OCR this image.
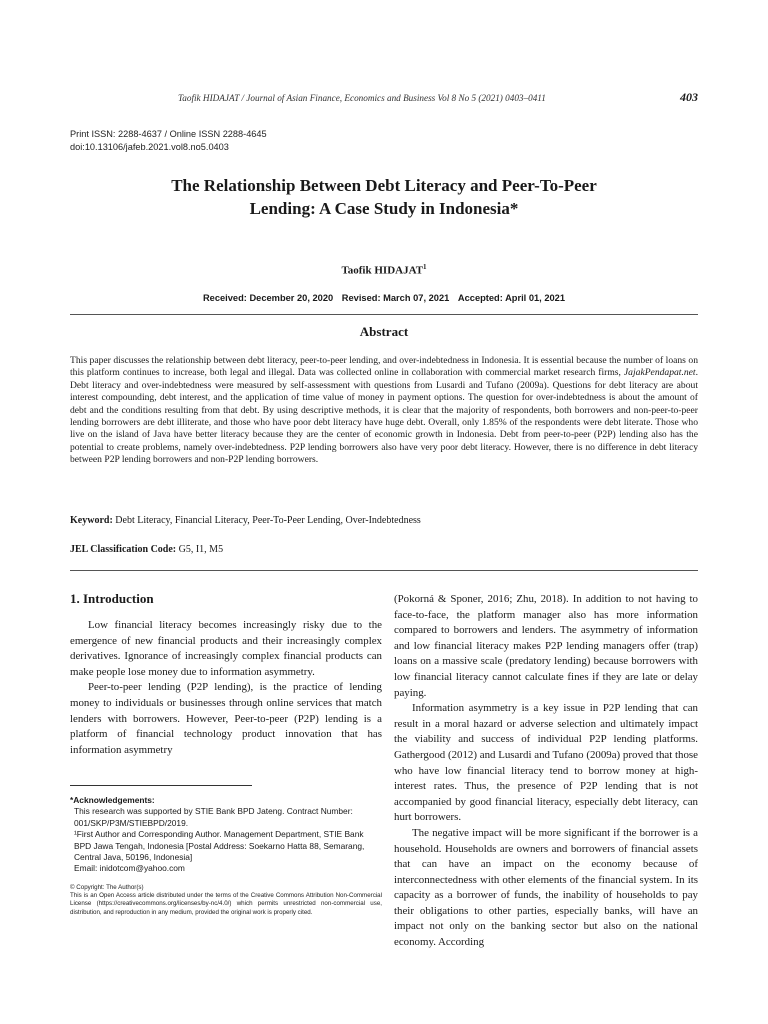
Taofik HIDAJAT / Journal of Asian Finance, Economics and Business Vol 8 No 5 (2021) 0403–0411	403
Print ISSN: 2288-4637 / Online ISSN 2288-4645
doi:10.13106/jafeb.2021.vol8.no5.0403
The Relationship Between Debt Literacy and Peer-To-Peer
Lending: A Case Study in Indonesia*
Taofik HIDAJAT$^1$
Received: December 20, 2020 Revised: March 07, 2021 Accepted: April 01, 2021
Abstract
This paper discusses the relationship between debt literacy, peer-to-peer lending, and over-indebtedness in Indonesia. It is essential because the number of loans on this platform continues to increase, both legal and illegal. Data was collected online in collaboration with commercial market research firms, JajakPendapat.net. Debt literacy and over-indebtedness were measured by self-assessment with questions from Lusardi and Tufano (2009a). Questions for debt literacy are about interest compounding, debt interest, and the application of time value of money in payment options. The question for over-indebtedness is about the amount of debt and the conditions resulting from that debt. By using descriptive methods, it is clear that the majority of respondents, both borrowers and non-peer-to-peer lending borrowers are debt illiterate, and those who have poor debt literacy have huge debt. Overall, only 1.85% of the respondents were debt literate. Those who live on the island of Java have better literacy because they are the center of economic growth in Indonesia. Debt from peer-to-peer (P2P) lending also has the potential to create problems, namely over-indebtedness. P2P lending borrowers also have very poor debt literacy. However, there is no difference in debt literacy between P2P lending borrowers and non-P2P lending borrowers.
Keyword: Debt Literacy, Financial Literacy, Peer-To-Peer Lending, Over-Indebtedness
JEL Classification Code: G5, I1, M5
1. Introduction

Low financial literacy becomes increasingly risky due to the emergence of new financial products and their increasingly complex derivatives. Ignorance of increasingly complex financial products can make people lose money due to information asymmetry.

Peer-to-peer lending (P2P lending), is the practice of lending money to individuals or businesses through online services that match lenders with borrowers. However, Peer-to-peer (P2P) lending is a platform of financial technology product innovation that has information asymmetry

(Pokorná & Sponer, 2016; Zhu, 2018). In addition to not having to face-to-face, the platform manager also has more information compared to borrowers and lenders. The asymmetry of information and low financial literacy makes P2P lending managers offer (trap) loans on a massive scale (predatory lending) because borrowers with low financial literacy cannot calculate fines if they are late or delay paying.

Information asymmetry is a key issue in P2P lending that can result in a moral hazard or adverse selection and ultimately impact the viability and success of individual P2P lending platforms. Gathergood (2012) and Lusardi and Tufano (2009a) proved that those who have low financial literacy tend to borrow money at high-interest rates. Thus, the presence of P2P lending that is not accompanied by good financial literacy, especially debt literacy, can hurt borrowers.

The negative impact will be more significant if the borrower is a household. Households are owners and borrowers of financial assets that can have an impact on the economy because of interconnectedness with other elements of the financial system. In its capacity as a borrower of funds, the inability of households to pay their obligations to other parties, especially banks, will have an impact not only on the banking sector but also on the national economy. According

*Acknowledgements:
This research was supported by STIE Bank BPD Jateng. Contract Number: 001/SKP/P3M/STIEBPD/2019.
¹First Author and Corresponding Author. Management Department, STIE Bank BPD Jawa Tengah, Indonesia [Postal Address: Soekarno Hatta 88, Semarang, Central Java, 50196, Indonesia]
Email: inidotcom@yahoo.com
© Copyright: The Author(s)
This is an Open Access article distributed under the terms of the Creative Commons Attribution Non-Commercial License (https://creativecommons.org/licenses/by-nc/4.0/) which permits unrestricted non-commercial use, distribution, and reproduction in any medium, provided the original work is properly cited.
